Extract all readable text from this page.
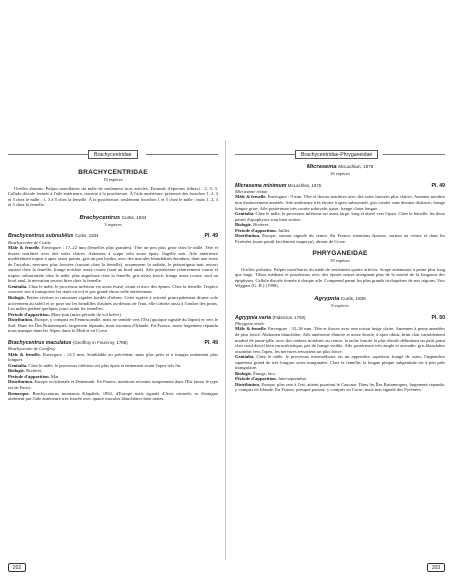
Brachycentridae	Brachycentridae-Phryganeidae
BRACHYCENTRIDAE
19 espèces

Ocelles absents. Palpes maxillaires du mâle de seulement trois articles. Formule d'éperons (tibias) : 2, 3, 3. Cellule discale fermée à l'aile antérieure, ouverte à la postérieure. À l'aile antérieure, présence des fourches 1, 2, 3 et 5 chez le mâle ; 1, 3 à 5 chez la femelle. À la postérieure, seulement fourches 1 et 5 chez le mâle ; mais 1, 2, 3 et 5 chez la femelle.

Brachycentrus Curtis, 1834
3 espèces
Brachycentrus subnubilus Curtis, 1834	Pl. 49
Brachycentre de Curtis

Mâle & femelle. Envergure : 17–22 mm (femelles plus grandes). Tête un peu plus grise chez le mâle. Tête et thorax noirâtres avec des soies claires. Antennes à scape velu assez épais, flagelle noir. Aile antérieure modérément trapue à apex assez pointu, gris un peu hyalin, avec des macules blanchâtres éteudues, dont une isoee de l'arculus, nervures plus foncées (surtout chez la femelle), notamment la radiale, le ptérostigma noir ressort surtout chez la femelle, frange noirâtre assez courte (sauf au bord anal). Aile postérieure relativement courte et trapue, subarrondie chez le mâle, plus anguleuse chez la femelle, gris assez foncé, frange assez courte, sauf au bord anal, la nervation ressort bien chez la femelle.

Genitalia. Chez le mâle, le processus inférieur est assez évasé, avant et avec des épines. Chez la femelle, l'espèce concave sert à transporter les œufs en vol et pas grand-chose selle entièrement.

Biologie. Petites rivières et ruisseaux rapides bordés d'arbres. Cette espèce à activité principalement diurne vole activement au soleil et se pose sur les brindilles d'aulnes au-dessus de l'eau, elle s'abrite aussi à l'ombre des ponts. Les mâles portent quelques jours avant les femelles.

Période d'apparition. Mars-juin (mais période de vol brève).

Distribution. Europe, y compris en Fennoscandie, mais ne semble vers l'Est (quoique signalé du Japon) et vers le Sud. Dans les Îles Britanniques, largement répandu, mais inconnu d'Irlande. En France, assez largement répandu mais manque dans les Alpes, dans le Midi et en Corse.

Brachycentrus maculatus (Geoffroy in Fourcroy, 1785)	Pl. 49
Brachycentre de Geoffroy

Mâle & femelle. Envergure : 13,5 mm. Semblable au précédent, mais plus petit et à franges nettement plus longues.

Genitalia. Chez le mâle, le processus inférieur est plus épais et nettement avant l'apex très fin.

Biologie. Rivières.

Période d'apparition. Mai.

Distribution. Europe occidentale et Danemark. En France, mentions récentes uniquement dans l'Est (aussi le type est de Paris).

Remarque. Brachycentrus montanus Klapálek, 1892, d'Europe mais signalé d'Asie centrale, se distingue aisément par l'aile antérieure très foncée avec quatre macules blanchâtres bien nettes.

Micrasema McLachlan, 1876
16 espèces
Micrasema minimum McLachlan, 1876	Pl. 49
Micrasème réduit

Mâle & femelle. Envergure : 9 mm. Tête et thorax noirâtres avec des soies hirsutes plus claires. Antenne noirâtre non distinctement annelés. Aile antérieure très étroite à apex subarrondi, gris cendré sans dessins distincts, frange longue grise. Aile postérieure très courte subovale, grise, frange claire longue.

Genitalia. Chez le mâle, le processus inférieur est assez large, long et dorsé vers l'apex. Chez la femelle, les deux paires d'apophyses sont bien sorties.

Biologie. Rivières.

Période d'apparition. Juillet.

Distribution. Europe, surtout signalé du centre. En France, mentions éparses, surtout au centre et dans les Pyrénées (mais paraît facilement inaperçu), absent de Corse.

PHRYGANEIDAE
18 espèces

Ocelles présents. Palpes maxillaires du mâle de seulement quatre articles. Scape antennaire à peine plus long que large. Tibias médians et postérieurs avec des épines noires atteignant plus de la moitié de la longueur des épiphyses. Cellule discale fermée à chaque aile. Comprend parmi les plus grands trichoptères de nos régions. Voir Wiggins (G. B.) (1998).

Agrypnia Curtis, 1835
8 espèces
Agrypnia varia (Fabricius, 1793)	Pl. 50
Phrygane ornée

Mâle & femelle. Envergure : 33–36 mm. Tête et thorax avec une toison beige claire. Antennes à peine annelées de plus foncé. Abdomen blanchâtre. Aile antérieure élancée et assez étroite, à apex obtus, brun clair variablement marbré de jaune pâle, avec des ombres noirâtres au centre, la tache foncée la plus distale délimitant un petit point clair nord discal bien caractéristique, pas de frange visible. Aile postérieure très ample et arrondie, gris blanchâtre assombri vers l'apex, les nervures ressortent un plus foncé.

Genitalia. Chez le mâle, le processus intermédiaire est un appendice supérieur frangé de soies, l'appendice supérieur grand de très longues soies marginales. Chez la femelle, la longue plaque subgénitale est à peu près triangulaire.

Biologie. Étangs, lacs.

Période d'apparition. Juin-septembre.

Distribution. Europe, plus rare à l'est, atteint pourtant le Caucase. Dans les Îles Britanniques, largement répandu, y compris en Irlande. En France, presque partout, y compris en Corse, mais non signalé des Pyrénées.

202	203
